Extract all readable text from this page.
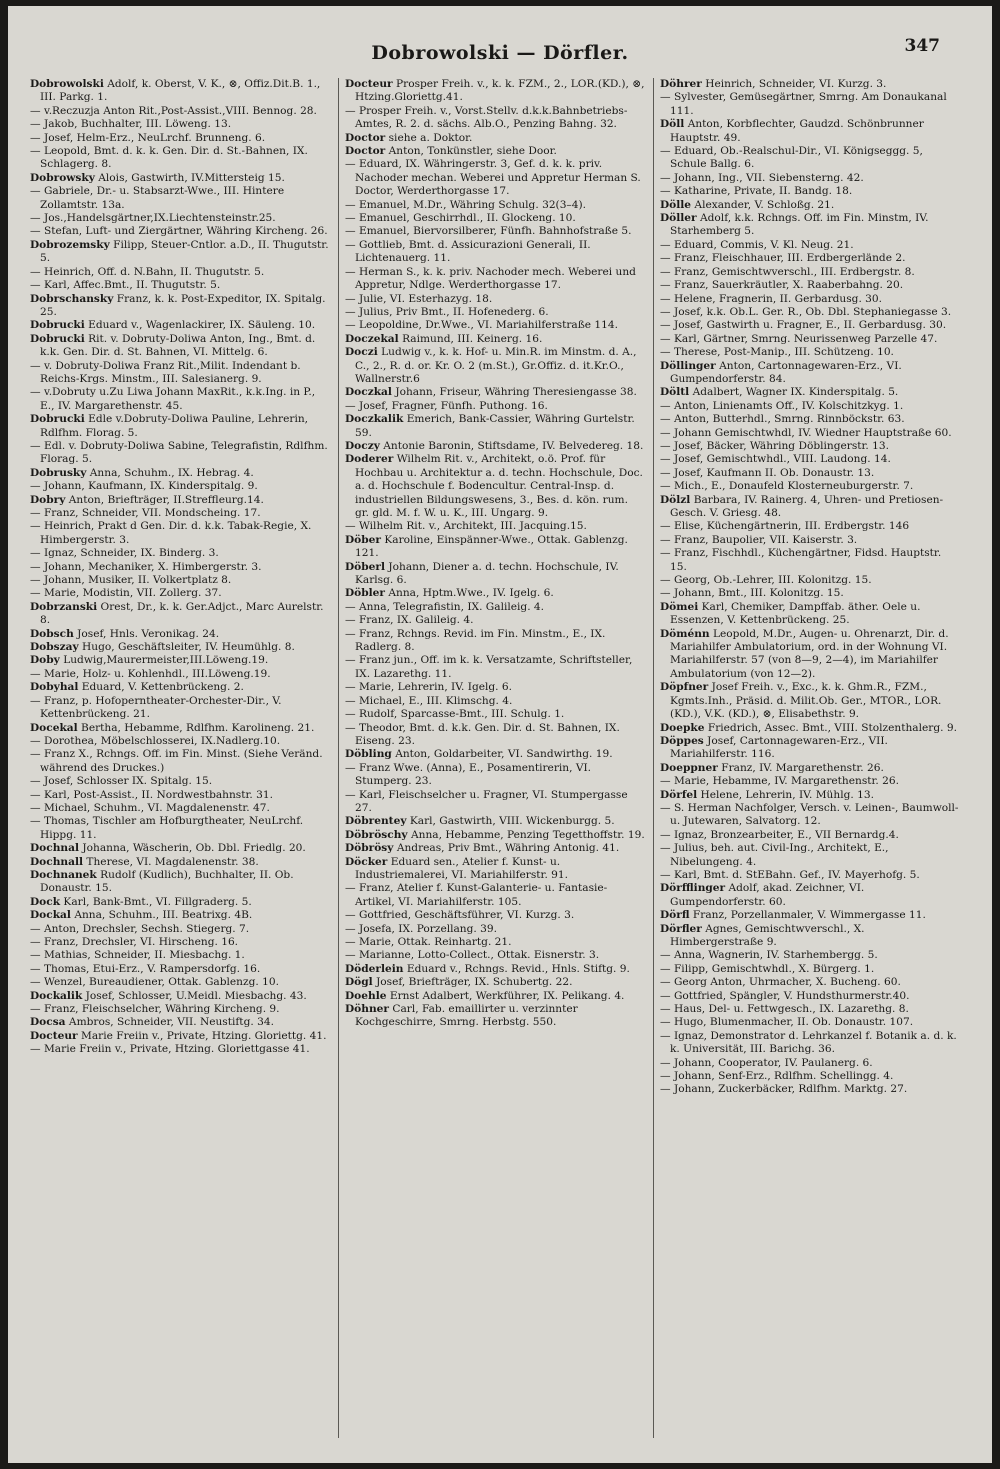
Dobrowolski — Dörfler.	347
Dobrowolski Adolf, k. Oberst, V. K., ⊗, Offiz.Dit.B. 1., III. Parkg. 1.
— v.Reczuzja Anton Rit.,Post-Assist.,VIII. Bennog. 28.
— Jakob, Buchhalter, III. Löweng. 13.
— Josef, Helm-Erz., NeuLrchf. Brunneng. 6.
— Leopold, Bmt. d. k. k. Gen. Dir. d. St.-Bahnen, IX. Schlagerg. 8.
Dobrowsky Alois, Gastwirth, IV.Mittersteig 15.
— Gabriele, Dr.- u. Stabsarzt-Wwe., III. Hintere Zollamtstr. 13a.
— Jos.,Handelsgärtner,IX.Liechtensteinstr.25.
— Stefan, Luft- und Ziergärtner, Währing Kircheng. 26.
Dobrozemsky Filipp, Steuer-Cntlor. a.D., II. Thugutstr. 5.
— Heinrich, Off. d. N.Bahn, II. Thugutstr. 5.
— Karl, Affec.Bmt., II. Thugutstr. 5.
Dobrschansky Franz, k. k. Post-Expeditor, IX. Spitalg. 25.
Dobrucki Eduard v., Wagenlackirer, IX. Säuleng. 10.
Dobrucki Rit. v. Dobruty-Doliwa Anton, Ing., Bmt. d. k.k. Gen. Dir. d. St. Bahnen, VI. Mittelg. 6.
— v. Dobruty-Doliwa Franz Rit.,Milit. Indendant b. Reichs-Krgs. Minstm., III. Salesianerg. 9.
— v.Dobruty u.Zu Liwa Johann MaxRit., k.k.Ing. in P., E., IV. Margarethenstr. 45.
Dobrucki Edle v.Dobruty-Doliwa Pauline, Lehrerin, Rdlfhm. Florag. 5.
— Edl. v. Dobruty-Doliwa Sabine, Telegrafistin, Rdlfhm. Florag. 5.
Dobrusky Anna, Schuhm., IX. Hebrag. 4.
— Johann, Kaufmann, IX. Kinderspitalg. 9.
Dobry Anton, Briefträger, II.Streffleurg.14.
— Franz, Schneider, VII. Mondscheing. 17.
— Heinrich, Prakt d Gen. Dir. d. k.k. Tabak-Regie, X. Himbergerstr. 3.
— Ignaz, Schneider, IX. Binderg. 3.
— Johann, Mechaniker, X. Himbergerstr. 3.
— Johann, Musiker, II. Volkertplatz 8.
— Marie, Modistin, VII. Zollerg. 37.
Dobrzanski Orest, Dr., k. k. Ger.Adjct., Marc Aurelstr. 8.
Dobsch Josef, Hnls. Veronikag. 24.
Dobszay Hugo, Geschäftsleiter, IV. Heumühlg. 8.
Doby Ludwig,Maurermeister,III.Löweng.19.
— Marie, Holz- u. Kohlenhdl., III.Löweng.19.
Dobyhal Eduard, V. Kettenbrückeng. 2.
— Franz, p. Hofoperntheater-Orchester-Dir., V. Kettenbrückeng. 21.
Docekal Bertha, Hebamme, Rdlfhm. Karolineng. 21.
— Dorothea, Möbelschlosserei, IX.Nadlerg.10.
— Franz X., Rchngs. Off. im Fin. Minst. (Siehe Veränd. während des Druckes.)
— Josef, Schlosser IX. Spitalg. 15.
— Karl, Post-Assist., II. Nordwestbahnstr. 31.
— Michael, Schuhm., VI. Magdalenenstr. 47.
— Thomas, Tischler am Hofburgtheater, NeuLrchf. Hippg. 11.
Dochnal Johanna, Wäscherin, Ob. Dbl. Friedlg. 20.
Dochnall Therese, VI. Magdalenenstr. 38.
Dochnanek Rudolf (Kudlich), Buchhalter, II. Ob. Donaustr. 15.
Dock Karl, Bank-Bmt., VI. Fillgraderg. 5.
Dockal Anna, Schuhm., III. Beatrixg. 4B.
— Anton, Drechsler, Sechsh. Stiegerg. 7.
— Franz, Drechsler, VI. Hirscheng. 16.
— Mathias, Schneider, II. Miesbachg. 1.
— Thomas, Etui-Erz., V. Rampersdorfg. 16.
— Wenzel, Bureaudiener, Ottak. Gablenzg. 10.
Dockalik Josef, Schlosser, U.Meidl. Miesbachg. 43.
— Franz, Fleischselcher, Währing Kircheng. 9.
Docsa Ambros, Schneider, VII. Neustiftg. 34.
Docteur Marie Freiin v., Private, Htzing. Gloriettg. 41.
— Marie Freiin v., Private, Htzing. Gloriettgasse 41.
Docteur Prosper Freih. v., k. k. FZM., 2., LOR.(KD.), ⊗, Htzing.Gloriettg.41.
— Prosper Freih. v., Vorst.Stellv. d.k.k.Bahnbetriebs-Amtes, R. 2. d. sächs. Alb.O., Penzing Bahng. 32.
Doctor siehe a. Doktor.
Doctor Anton, Tonkünstler, siehe Door.
— Eduard, IX. Währingerstr. 3, Gef. d. k. k. priv. Nachoder mechan. Weberei und Appretur Herman S. Doctor, Werderthorgasse 17.
— Emanuel, M.Dr., Währing Schulg. 32(3–4).
— Emanuel, Geschirrhdl., II. Glockeng. 10.
— Emanuel, Biervorsilberer, Fünfh. Bahnhofstraße 5.
— Gottlieb, Bmt. d. Assicurazioni Generali, II. Lichtenauerg. 11.
— Herman S., k. k. priv. Nachoder mech. Weberei und Appretur, Ndlge. Werderthorgasse 17.
— Julie, VI. Esterhazyg. 18.
— Julius, Priv Bmt., II. Hofenederg. 6.
— Leopoldine, Dr.Wwe., VI. Mariahilferstraße 114.
Doczekal Raimund, III. Keinerg. 16.
Doczi Ludwig v., k. k. Hof- u. Min.R. im Minstm. d. A., C., 2., R. d. or. Kr. O. 2 (m.St.), Gr.Offiz. d. it.Kr.O., Wallnerstr.6
Doczkal Johann, Friseur, Währing Theresiengasse 38.
— Josef, Fragner, Fünfh. Puthong. 16.
Doczkalik Emerich, Bank-Cassier, Währing Gurtelstr. 59.
Doczy Antonie Baronin, Stiftsdame, IV. Belvedereg. 18.
Doderer Wilhelm Rit. v., Architekt, o.ö. Prof. für Hochbau u. Architektur a. d. techn. Hochschule, Doc. a. d. Hochschule f. Bodencultur. Central-Insp. d. industriellen Bildungswesens, 3., Bes. d. kön. rum. gr. gld. M. f. W. u. K., III. Ungarg. 9.
— Wilhelm Rit. v., Architekt, III. Jacquing.15.
Döber Karoline, Einspänner-Wwe., Ottak. Gablenzg. 121.
Döberl Johann, Diener a. d. techn. Hochschule, IV. Karlsg. 6.
Döbler Anna, Hptm.Wwe., IV. Igelg. 6.
— Anna, Telegrafistin, IX. Galileig. 4.
— Franz, IX. Galileig. 4.
— Franz, Rchngs. Revid. im Fin. Minstm., E., IX. Radlerg. 8.
— Franz jun., Off. im k. k. Versatzamte, Schriftsteller, IX. Lazarethg. 11.
— Marie, Lehrerin, IV. Igelg. 6.
— Michael, E., III. Klimschg. 4.
— Rudolf, Sparcasse-Bmt., III. Schulg. 1.
— Theodor, Bmt. d. k.k. Gen. Dir. d. St. Bahnen, IX. Eiseng. 23.
Döbling Anton, Goldarbeiter, VI. Sandwirthg. 19.
— Franz Wwe. (Anna), E., Posamentirerin, VI. Stumperg. 23.
— Karl, Fleischselcher u. Fragner, VI. Stumpergasse 27.
Döbrentey Karl, Gastwirth, VIII. Wickenburgg. 5.
Döbröschy Anna, Hebamme, Penzing Tegetthoffstr. 19.
Döbrösy Andreas, Priv Bmt., Währing Antonig. 41.
Döcker Eduard sen., Atelier f. Kunst- u. Industriemalerei, VI. Mariahilferstr. 91.
— Franz, Atelier f. Kunst-Galanterie- u. Fantasie-Artikel, VI. Mariahilferstr. 105.
— Gottfried, Geschäftsführer, VI. Kurzg. 3.
— Josefa, IX. Porzellang. 39.
— Marie, Ottak. Reinhartg. 21.
— Marianne, Lotto-Collect., Ottak. Eisnerstr. 3.
Döderlein Eduard v., Rchngs. Revid., Hnls. Stiftg. 9.
Dögl Josef, Briefträger, IX. Schubertg. 22.
Doehle Ernst Adalbert, Werkführer, IX. Pelikang. 4.
Döhner Carl, Fab. emaillirter u. verzinnter Kochgeschirre, Smrng. Herbstg. 550.
Döhrer Heinrich, Schneider, VI. Kurzg. 3.
— Sylvester, Gemüsegärtner, Smrng. Am Donaukanal 111.
Döll Anton, Korbflechter, Gaudzd. Schönbrunner Hauptstr. 49.
— Eduard, Ob.-Realschul-Dir., VI. Königseggg. 5, Schule Ballg. 6.
— Johann, Ing., VII. Siebensterng. 42.
— Katharine, Private, II. Bandg. 18.
Dölle Alexander, V. Schloßg. 21.
Döller Adolf, k.k. Rchngs. Off. im Fin. Minstm, IV. Starhemberg 5.
— Eduard, Commis, V. Kl. Neug. 21.
— Franz, Fleischhauer, III. Erdbergerlände 2.
— Franz, Gemischtwverschl., III. Erdbergstr. 8.
— Franz, Sauerkräutler, X. Raaberbahng. 20.
— Helene, Fragnerin, II. Gerbardusg. 30.
— Josef, k.k. Ob.L. Ger. R., Ob. Dbl. Stephaniegasse 3.
— Josef, Gastwirth u. Fragner, E., II. Gerbardusg. 30.
— Karl, Gärtner, Smrng. Neurissenweg Parzelle 47.
— Therese, Post-Manip., III. Schützeng. 10.
Döllinger Anton, Cartonnagewaren-Erz., VI. Gumpendorferstr. 84.
Döltl Adalbert, Wagner IX. Kinderspitalg. 5.
— Anton, Linienamts Off., IV. Kolschitzkyg. 1.
— Anton, Butterhdl., Smrng. Rinnböckstr. 63.
— Johann Gemischtwhdl, IV. Wiedner Hauptstraße 60.
— Josef, Bäcker, Währing Döblingerstr. 13.
— Josef, Gemischtwhdl., VIII. Laudong. 14.
— Josef, Kaufmann II. Ob. Donaustr. 13.
— Mich., E., Donaufeld Klosterneuburgerstr. 7.
Dölzl Barbara, IV. Rainerg. 4, Uhren- und Pretiosen-Gesch. V. Griesg. 48.
— Elise, Küchengärtnerin, III. Erdbergstr. 146
— Franz, Baupolier, VII. Kaiserstr. 3.
— Franz, Fischhdl., Küchengärtner, Fidsd. Hauptstr. 15.
— Georg, Ob.-Lehrer, III. Kolonitzg. 15.
— Johann, Bmt., III. Kolonitzg. 15.
Dömei Karl, Chemiker, Dampffab. äther. Oele u. Essenzen, V. Kettenbrückeng. 25.
Döménn Leopold, M.Dr., Augen- u. Ohrenarzt, Dir. d. Mariahilfer Ambulatorium, ord. in der Wohnung VI. Mariahilferstr. 57 (von 8—9, 2—4), im Mariahilfer Ambulatorium (von 12—2).
Döpfner Josef Freih. v., Exc., k. k. Ghm.R., FZM., Kgmts.Inh., Präsid. d. Milit.Ob. Ger., MTOR., LOR. (KD.), V.K. (KD.), ⊗, Elisabethstr. 9.
Doepke Friedrich, Assec. Bmt., VIII. Stolzenthalerg. 9.
Döppes Josef, Cartonnagewaren-Erz., VII. Mariahilferstr. 116.
Doeppner Franz, IV. Margarethenstr. 26.
— Marie, Hebamme, IV. Margarethenstr. 26.
Dörfel Helene, Lehrerin, IV. Mühlg. 13.
— S. Herman Nachfolger, Versch. v. Leinen-, Baumwoll- u. Jutewaren, Salvatorg. 12.
— Ignaz, Bronzearbeiter, E., VII Bernardg.4.
— Julius, beh. aut. Civil-Ing., Architekt, E., Nibelungeng. 4.
— Karl, Bmt. d. StEBahn. Gef., IV. Mayerhofg. 5.
Dörfflinger Adolf, akad. Zeichner, VI. Gumpendorferstr. 60.
Dörfl Franz, Porzellanmaler, V. Wimmergasse 11.
Dörfler Agnes, Gemischtwverschl., X. Himbergerstraße 9.
— Anna, Wagnerin, IV. Starhembergg. 5.
— Filipp, Gemischtwhdl., X. Bürgerg. 1.
— Georg Anton, Uhrmacher, X. Bucheng. 60.
— Gottfried, Spängler, V. Hundsthurmerstr.40.
— Haus, Del- u. Fettwgesch., IX. Lazarethg. 8.
— Hugo, Blumenmacher, II. Ob. Donaustr. 107.
— Ignaz, Demonstrator d. Lehrkanzel f. Botanik a. d. k. k. Universität, III. Barichg. 36.
— Johann, Cooperator, IV. Paulanerg. 6.
— Johann, Senf-Erz., Rdlfhm. Schellingg. 4.
— Johann, Zuckerbäcker, Rdlfhm. Marktg. 27.
